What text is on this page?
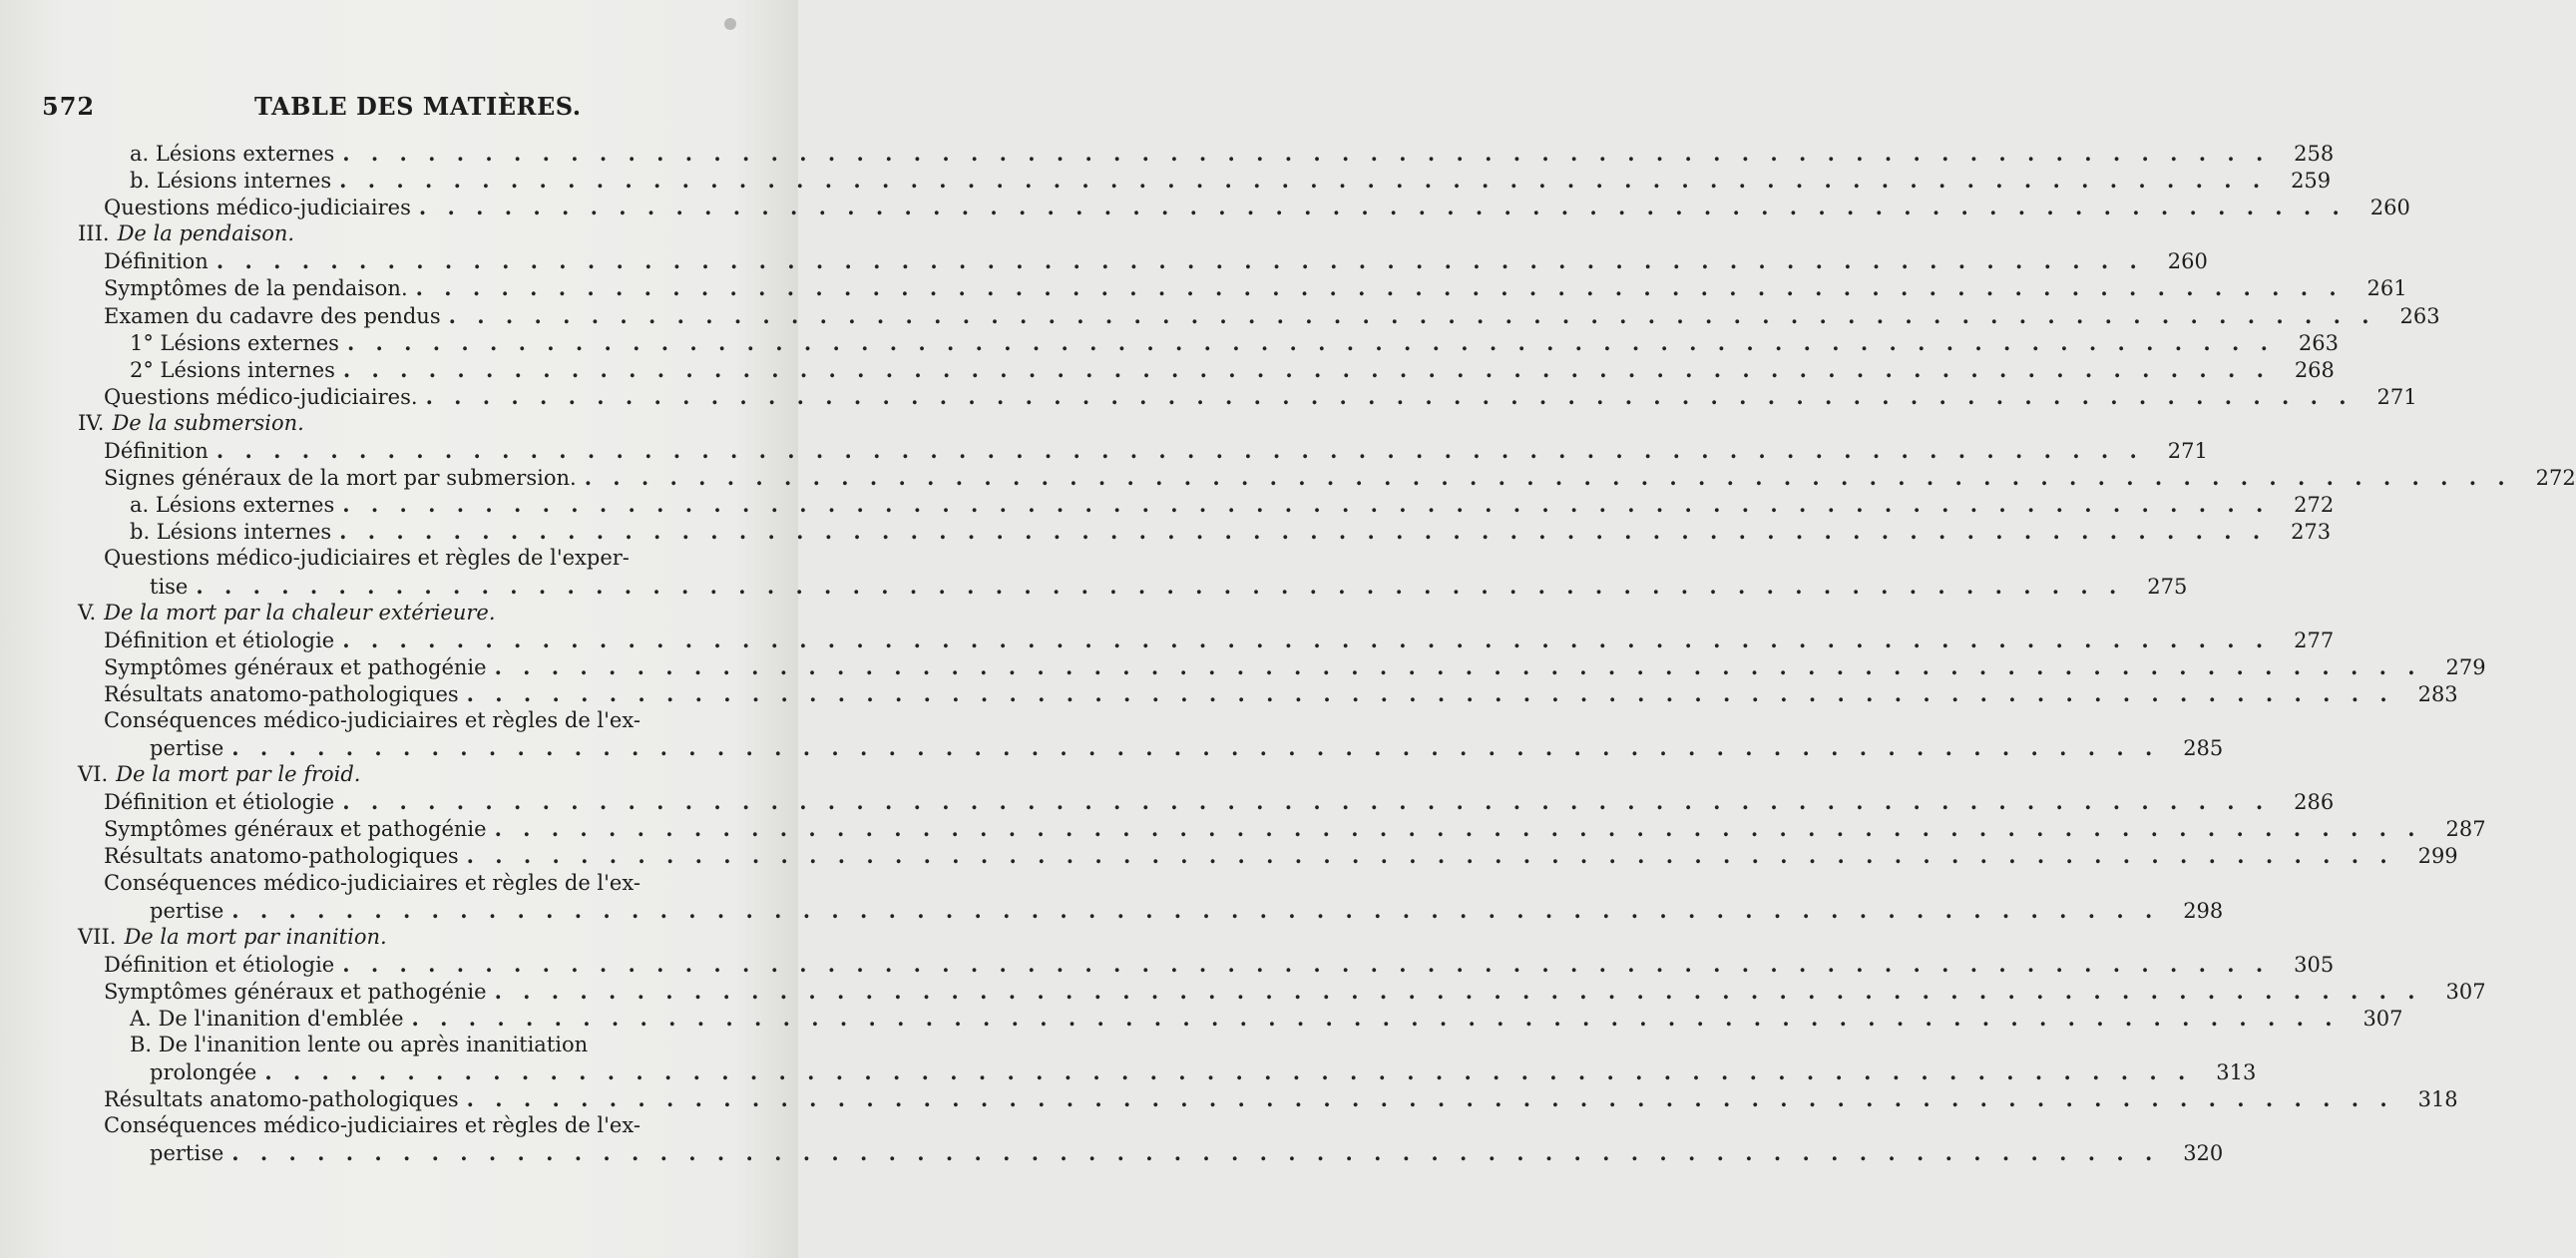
572	TABLE DES MATIÈRES.
a. Lésions externes . . .	258
b. Lésions internes . . .	259
Questions médico-judiciaires . . .	260
III. De la pendaison.
Définition . . .	260
Symptômes de la pendaison. . . .	261
Examen du cadavre des pendus . . .	263
1° Lésions externes . . .	263
2° Lésions internes . . .	268
Questions médico-judiciaires. . . .	271
IV. De la submersion.
Définition . . .	271
Signes généraux de la mort par submersion. . . .	272
a. Lésions externes . . .	272
b. Lésions internes . . .	273
Questions médico-judiciaires et règles de l'exper-
tise . . .	275
V. De la mort par la chaleur extérieure.
Définition et étiologie . . .	277
Symptômes généraux et pathogénie . . .	279
Résultats anatomo-pathologiques . . .	283
Conséquences médico-judiciaires et règles de l'ex-
pertise . . .	285
VI. De la mort par le froid.
Définition et étiologie . . .	286
Symptômes généraux et pathogénie . . .	287
Résultats anatomo-pathologiques . . .	299
Conséquences médico-judiciaires et règles de l'ex-
pertise . . .	298
VII. De la mort par inanition.
Définition et étiologie . . .	305
Symptômes généraux et pathogénie . . .	307
A. De l'inanition d'emblée . . .	307
B. De l'inanition lente ou après inanitiation
prolongée . . .	313
Résultats anatomo-pathologiques . . .	318
Conséquences médico-judiciaires et règles de l'ex-
pertise . . .	320
